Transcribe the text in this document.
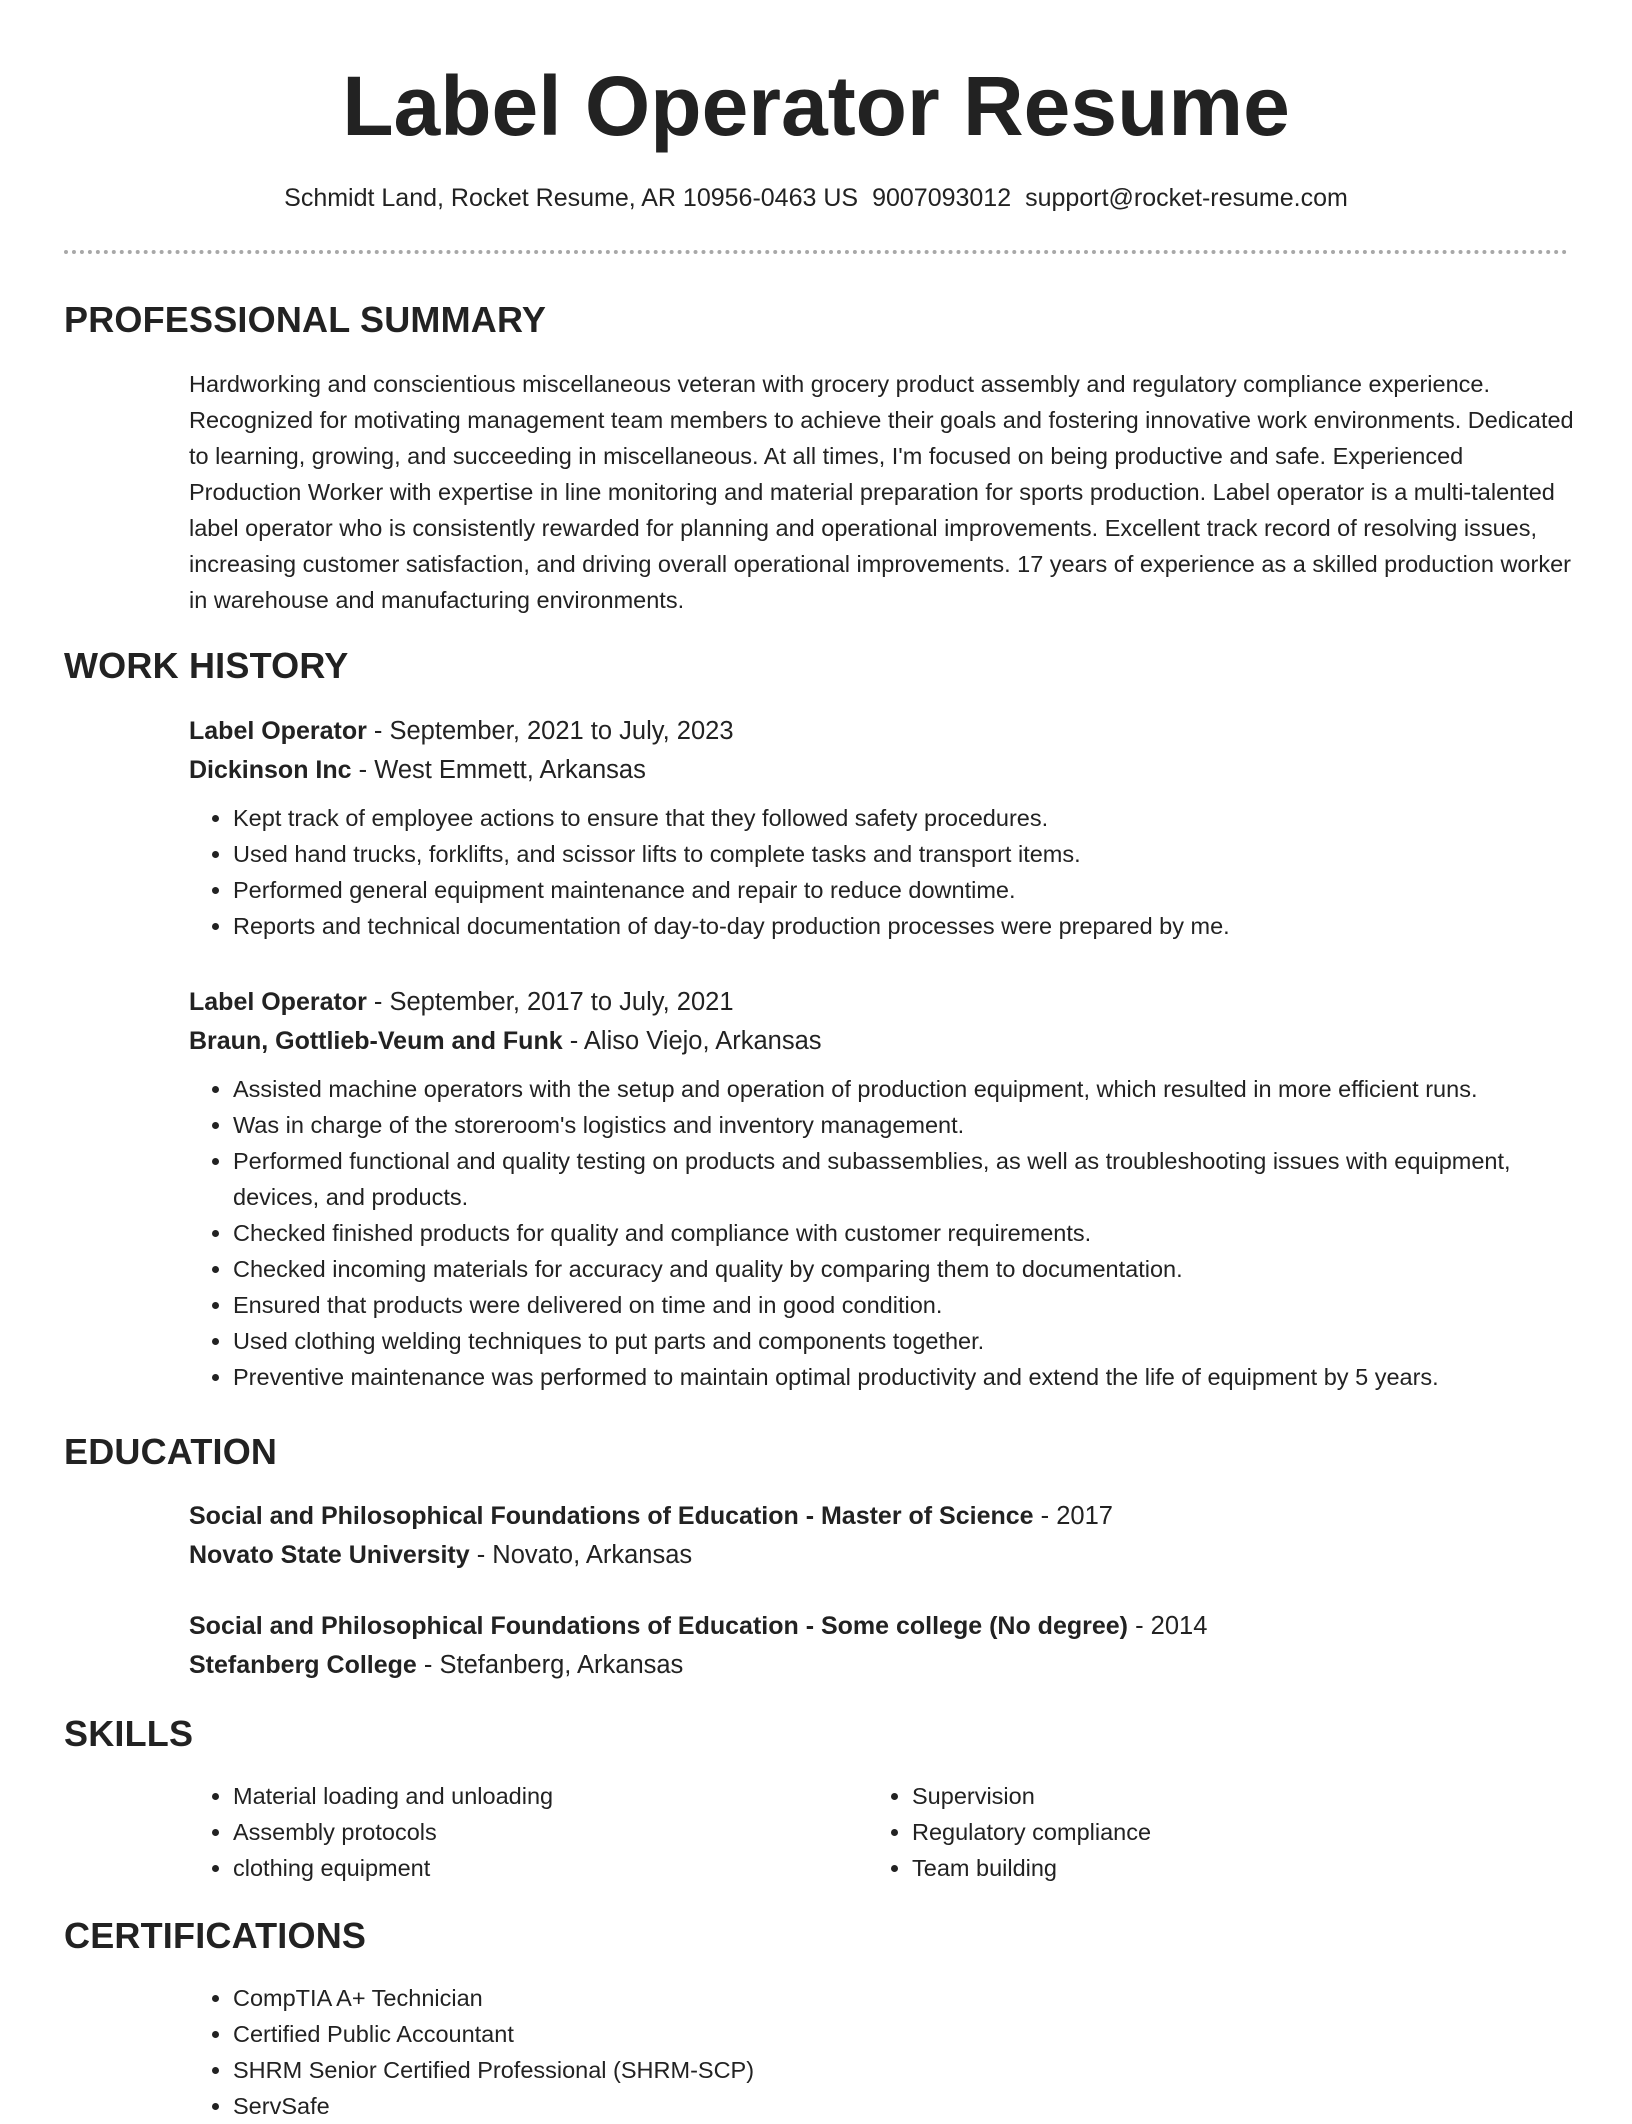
Label Operator Resume
Schmidt Land, Rocket Resume, AR 10956-0463 US 9007093012 support@rocket-resume.com
PROFESSIONAL SUMMARY
Hardworking and conscientious miscellaneous veteran with grocery product assembly and regulatory compliance experience. Recognized for motivating management team members to achieve their goals and fostering innovative work environments. Dedicated to learning, growing, and succeeding in miscellaneous. At all times, I'm focused on being productive and safe. Experienced Production Worker with expertise in line monitoring and material preparation for sports production. Label operator is a multi-talented label operator who is consistently rewarded for planning and operational improvements. Excellent track record of resolving issues, increasing customer satisfaction, and driving overall operational improvements. 17 years of experience as a skilled production worker in warehouse and manufacturing environments.
WORK HISTORY
Label Operator - September, 2021 to July, 2023
Dickinson Inc - West Emmett, Arkansas
• Kept track of employee actions to ensure that they followed safety procedures.
• Used hand trucks, forklifts, and scissor lifts to complete tasks and transport items.
• Performed general equipment maintenance and repair to reduce downtime.
• Reports and technical documentation of day-to-day production processes were prepared by me.
Label Operator - September, 2017 to July, 2021
Braun, Gottlieb-Veum and Funk - Aliso Viejo, Arkansas
• Assisted machine operators with the setup and operation of production equipment, which resulted in more efficient runs.
• Was in charge of the storeroom's logistics and inventory management.
• Performed functional and quality testing on products and subassemblies, as well as troubleshooting issues with equipment, devices, and products.
• Checked finished products for quality and compliance with customer requirements.
• Checked incoming materials for accuracy and quality by comparing them to documentation.
• Ensured that products were delivered on time and in good condition.
• Used clothing welding techniques to put parts and components together.
• Preventive maintenance was performed to maintain optimal productivity and extend the life of equipment by 5 years.
EDUCATION
Social and Philosophical Foundations of Education - Master of Science - 2017
Novato State University - Novato, Arkansas
Social and Philosophical Foundations of Education - Some college (No degree) - 2014
Stefanberg College - Stefanberg, Arkansas
SKILLS
• Material loading and unloading
• Assembly protocols
• clothing equipment
• Supervision
• Regulatory compliance
• Team building
CERTIFICATIONS
• CompTIA A+ Technician
• Certified Public Accountant
• SHRM Senior Certified Professional (SHRM-SCP)
• ServSafe
